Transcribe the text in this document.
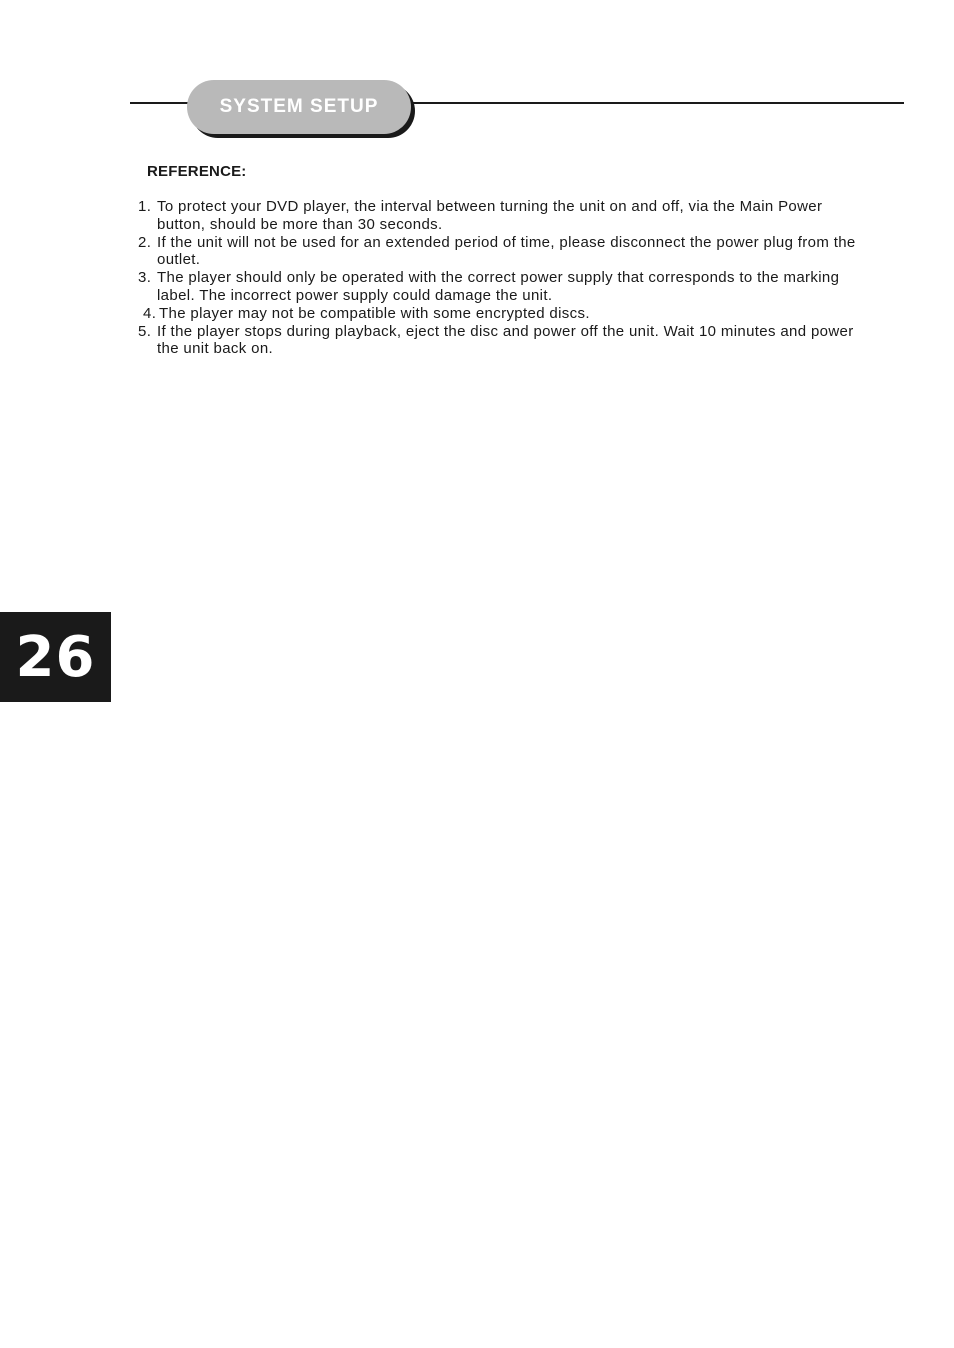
SYSTEM SETUP
REFERENCE:
1. To protect your DVD player, the interval between turning the unit on and off, via the Main Power button, should be more than 30 seconds.
2. If the unit will not be used for an extended period of time, please disconnect the power plug from the outlet.
3. The player should only be operated with the correct power supply that corresponds to the marking label. The incorrect power supply could damage the unit.
4. The player may not be compatible with some encrypted discs.
5. If the player stops during playback, eject the disc and power off the unit. Wait 10 minutes and power the unit back on.
26
